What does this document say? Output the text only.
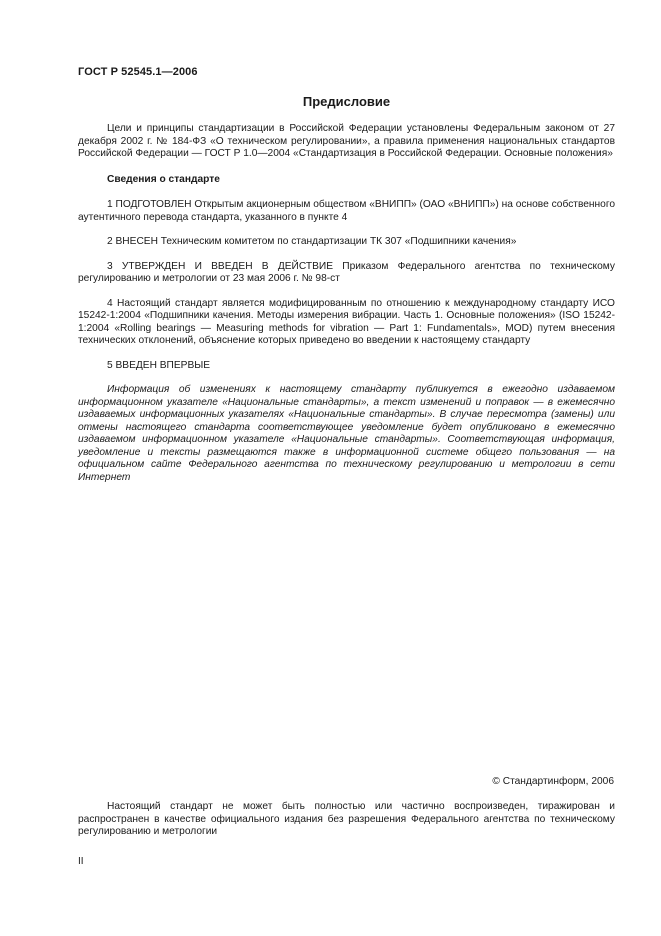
ГОСТ Р 52545.1—2006
Предисловие

Цели и принципы стандартизации в Российской Федерации установлены Федеральным законом от 27 декабря 2002 г. № 184-ФЗ «О техническом регулировании», а правила применения национальных стандартов Российской Федерации — ГОСТ Р 1.0—2004 «Стандартизация в Российской Федерации. Основные положения»

Сведения о стандарте

1 ПОДГОТОВЛЕН Открытым акционерным обществом «ВНИПП» (ОАО «ВНИПП») на основе собственного аутентичного перевода стандарта, указанного в пункте 4

2 ВНЕСЕН Техническим комитетом по стандартизации ТК 307 «Подшипники качения»

3 УТВЕРЖДЕН И ВВЕДЕН В ДЕЙСТВИЕ Приказом Федерального агентства по техническому регулированию и метрологии от 23 мая 2006 г. № 98-ст

4 Настоящий стандарт является модифицированным по отношению к международному стандарту ИСО 15242-1:2004 «Подшипники качения. Методы измерения вибрации. Часть 1. Основные положения» (ISO 15242-1:2004 «Rolling bearings — Measuring methods for vibration — Part 1: Fundamentals», MOD) путем внесения технических отклонений, объяснение которых приведено во введении к настоящему стандарту

5 ВВЕДЕН ВПЕРВЫЕ

Информация об изменениях к настоящему стандарту публикуется в ежегодно издаваемом информационном указателе «Национальные стандарты», а текст изменений и поправок — в ежемесячно издаваемых информационных указателях «Национальные стандарты». В случае пересмотра (замены) или отмены настоящего стандарта соответствующее уведомление будет опубликовано в ежемесячно издаваемом информационном указателе «Национальные стандарты». Соответствующая информация, уведомление и тексты размещаются также в информационной системе общего пользования — на официальном сайте Федерального агентства по техническому регулированию и метрологии в сети Интернет

© Стандартинформ, 2006

Настоящий стандарт не может быть полностью или частично воспроизведен, тиражирован и распространен в качестве официального издания без разрешения Федерального агентства по техническому регулированию и метрологии

II
